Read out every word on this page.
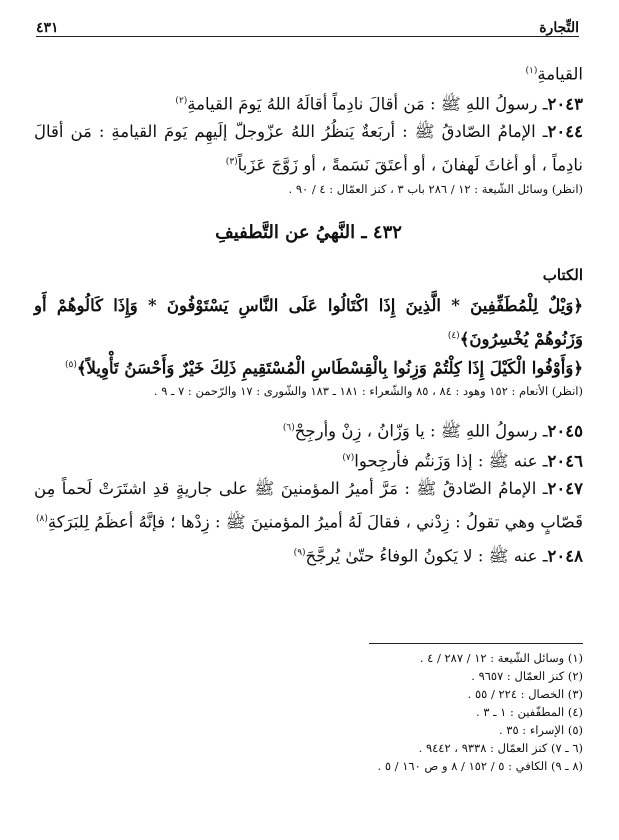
التِّجارة
٤٣١
القيامةِ$^{(١)}$
٢٠٤٣ـ رسولُ اللهِ ﷺ : مَن أقالَ نادِماً أقالَهُ اللهُ يَومَ القيامةِ$^{(٢)}$
٢٠٤٤ـ الإمامُ الصّادقُ ﷺ : أربَعةٌ يَنظُرُ اللهُ عزّوجلّ إلَيهِم يَومَ القيامةِ : مَن أقالَ نادِماً ، أو أغاثَ لَهفانَ ، أو أعتَقَ نَسَمةً ، أو زَوَّجَ عَزَباً$^{(٣)}$
(انظر) وسائل الشّيعة : ١٢ / ٢٨٦ باب ٣ ، كنز العمّال : ٤ / ٩٠ .
٤٣٢ ـ النَّهيُ عن التَّطفيفِ
الكتاب
﴿وَيْلٌ لِلْمُطَفِّفِينَ * الَّذِينَ إِذَا اكْتَالُوا عَلَى النَّاسِ يَسْتَوْفُونَ * وَإِذَا كَالُوهُمْ أَو وَزَنُوهُمْ يُخْسِرُونَ﴾$^{(٤)}$
﴿وَأَوْفُوا الْكَيْلَ إِذَا كِلْتُمْ وَزِنُوا بِالْقِسْطَاسِ الْمُسْتَقِيمِ ذَلِكَ خَيْرٌ وَأَحْسَنُ تَأْوِيلاً﴾$^{(٥)}$
(انظر) الأنعام : ١٥٢ وهود : ٨٤ ، ٨٥ والشّعراء : ١٨١ ـ ١٨٣ والشّورى : ١٧ والرّحمن : ٧ ـ ٩ .
٢٠٤٥ـ رسولُ اللهِ ﷺ : يا وَزّانُ ، زِنْ وأرجِحْ$^{(٦)}$
٢٠٤٦ـ عنه ﷺ : إذا وَزَنتُم فأرجِحوا$^{(٧)}$
٢٠٤٧ـ الإمامُ الصّادقُ ﷺ : مَرَّ أميرُ المؤمنينَ ﷺ على جاريةٍ قدِ اشتَرَتْ لَحماً مِن قَصّابٍ وهي تقولُ : زِدْني ، فقالَ لَهُ أميرُ المؤمنينَ ﷺ : زِدْها ؛ فإنَّهُ أعظَمُ لِلبَرَكةِ$^{(٨)}$
٢٠٤٨ـ عنه ﷺ : لا يَكونُ الوفاءُ حتّىٰ يُرجَّحَ$^{(٩)}$
(١) وسائل الشّيعة : ١٢ / ٢٨٧ / ٤ .
(٢) كنز العمّال : ٩٦٥٧ .
(٣) الخصال : ٢٢٤ / ٥٥ .
(٤) المطفّفين : ١ ـ ٣ .
(٥) الإسراء : ٣٥ .
(٦ ـ ٧) كنز العمّال : ٩٣٣٨ ، ٩٤٤٢ .
(٨ ـ ٩) الكافي : ٥ / ١٥٢ / ٨ و ص ١٦٠ / ٥ .
